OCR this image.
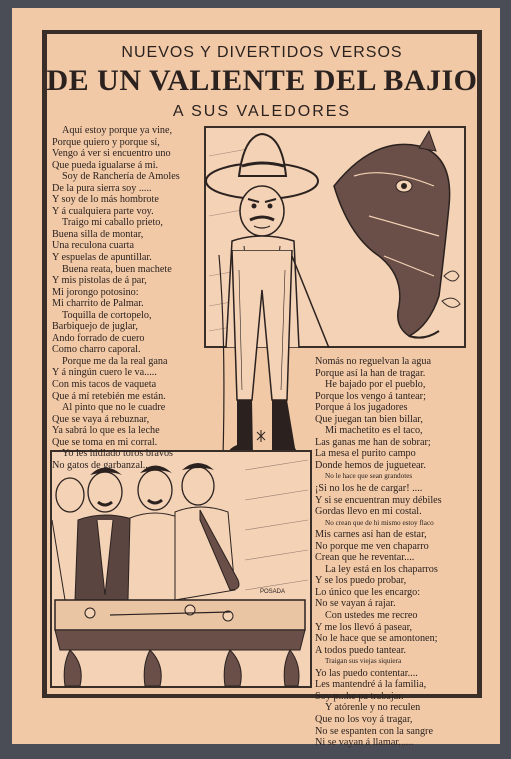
NUEVOS Y DIVERTIDOS VERSOS
DE UN VALIENTE DEL BAJIO
A SUS VALEDORES
POSADA
Aquí estoy porque ya vine,
Porque quiero y porque sí,
Vengo á ver si encuentro uno
Que pueda igualarse á mi.
Soy de Ranchería de Amoles
De la pura sierra soy .....
Y soy de lo más hombrote
Y á cualquiera parte voy.
Traigo mi caballo prieto,
Buena silla de montar,
Una reculona cuarta
Y espuelas de apuntillar.
Buena reata, buen machete
Y mis pistolas de á par,
Mi jorongo potosino:
Mi charrito de Palmar.
Toquilla de cortopelo,
Barbiquejo de juglar,
Ando forrado de cuero
Como charro caporal.
Porque me da la real gana
Y á ningún cuero le va.....
Con mis tacos de vaqueta
Que á mí retebién me están.
Al pinto que no le cuadre
Que se vaya á rebuznar,
Ya sabrá lo que es la leche
Que se toma en mi corral.
Yo les hidiado toros bravos
No gatos de garbanzal....
Nomás no reguelvan la agua
Porque así la han de tragar.
He bajado por el pueblo,
Porque los vengo á tantear;
Porque á los jugadores
Que juegan tan bien billar,
Mi machetito es el taco,
Las ganas me han de sobrar;
La mesa el purito campo
Donde hemos de juguetear.
No le hace que sean grandotes
¡Si no los he de cargar! ....
Y si se encuentran muy débiles
Gordas llevo en mi costal.
No crean que de hi mismo estoy flaco
Mis carnes así han de estar,
No porque me ven chaparro
Crean que he reventar....
La ley está en los chaparros
Y se los puedo probar,
Lo único que les encargo:
No se vayan á rajar.
Con ustedes me recreo
Y me los llevó á pasear,
No le hace que se amontonen;
A todos puedo tantear.
Traigan sus viejas siquiera
Yo las puedo contentar....
Les mantendré á la familia,
Soy p...he pa trabajar.
Y atórenle y no reculen
Que no los voy á tragar,
No se espanten con la sangre
Ni se vayan á llamar......
